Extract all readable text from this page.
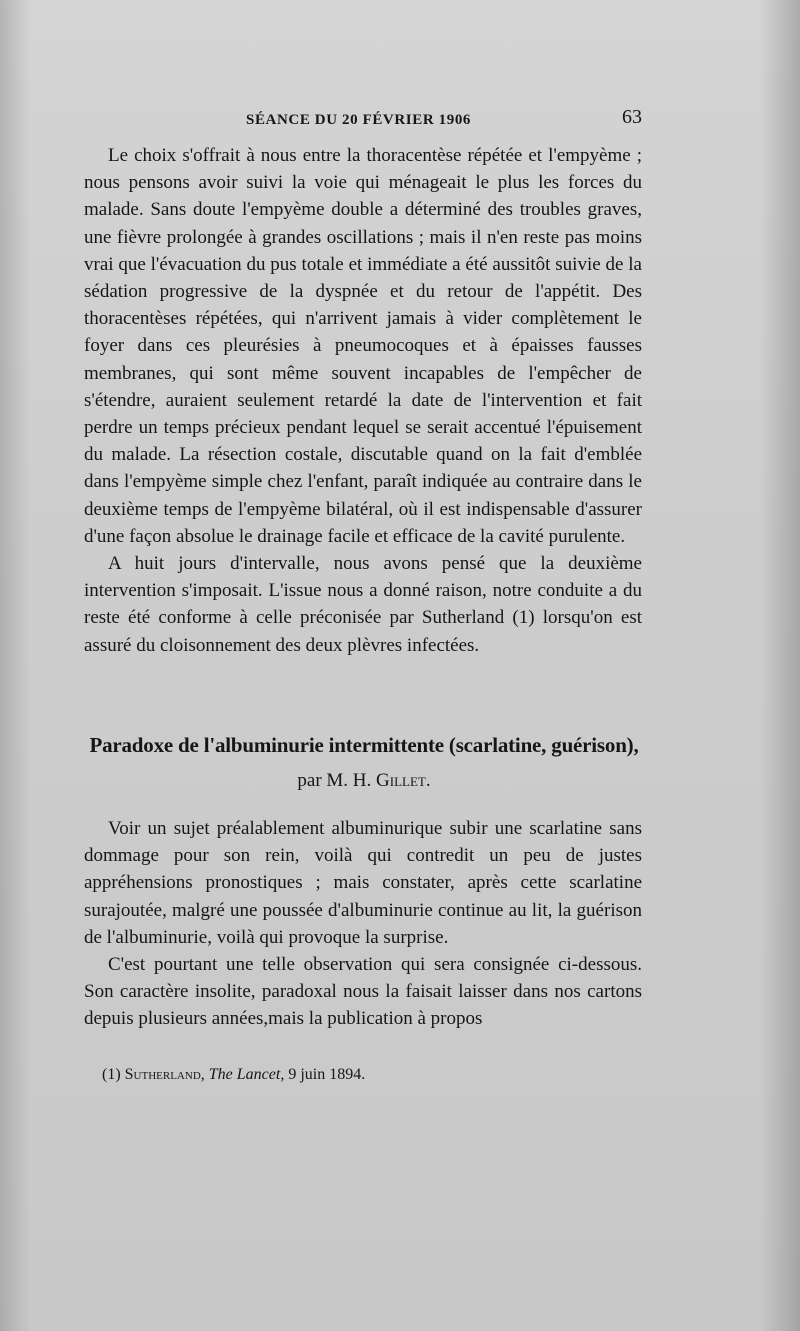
SÉANCE DU 20 FÉVRIER 1906	63

Le choix s'offrait à nous entre la thoracentèse répétée et l'empyème ; nous pensons avoir suivi la voie qui ménageait le plus les forces du malade. Sans doute l'empyème double a déterminé des troubles graves, une fièvre prolongée à grandes oscillations ; mais il n'en reste pas moins vrai que l'évacuation du pus totale et immédiate a été aussitôt suivie de la sédation progressive de la dyspnée et du retour de l'appétit. Des thoracentèses répétées, qui n'arrivent jamais à vider complètement le foyer dans ces pleurésies à pneumocoques et à épaisses fausses membranes, qui sont même souvent incapables de l'empêcher de s'étendre, auraient seulement retardé la date de l'intervention et fait perdre un temps précieux pendant lequel se serait accentué l'épuisement du malade. La résection costale, discutable quand on la fait d'emblée dans l'empyème simple chez l'enfant, paraît indiquée au contraire dans le deuxième temps de l'empyème bilatéral, où il est indispensable d'assurer d'une façon absolue le drainage facile et efficace de la cavité purulente.

A huit jours d'intervalle, nous avons pensé que la deuxième intervention s'imposait. L'issue nous a donné raison, notre conduite a du reste été conforme à celle préconisée par Sutherland (1) lorsqu'on est assuré du cloisonnement des deux plèvres infectées.

Paradoxe de l'albuminurie intermittente (scarlatine, guérison),

par M. H. Gillet.

Voir un sujet préalablement albuminurique subir une scarlatine sans dommage pour son rein, voilà qui contredit un peu de justes appréhensions pronostiques ; mais constater, après cette scarlatine surajoutée, malgré une poussée d'albuminurie continue au lit, la guérison de l'albuminurie, voilà qui provoque la surprise.

C'est pourtant une telle observation qui sera consignée ci-dessous. Son caractère insolite, paradoxal nous la faisait laisser dans nos cartons depuis plusieurs années,mais la publication à propos

(1) Sutherland, The Lancet, 9 juin 1894.
